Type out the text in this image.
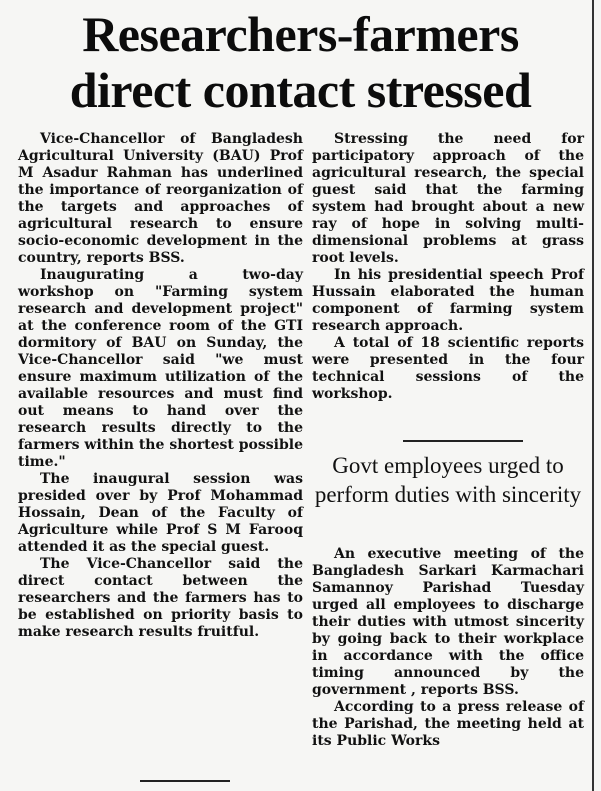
Researchers-farmers
direct contact stressed

Vice-Chancellor of Bangladesh Agricultural University (BAU) Prof M Asadur Rahman has underlined the importance of reorganization of the targets and approaches of agricultural research to ensure socio-economic development in the country, reports BSS.

Inaugurating a two-day workshop on "Farming system research and development project" at the conference room of the GTI dormitory of BAU on Sunday, the Vice-Chancellor said "we must ensure maximum utilization of the available resources and must find out means to hand over the research results directly to the farmers within the shortest possible time."

The inaugural session was presided over by Prof Mohammad Hossain, Dean of the Faculty of Agriculture while Prof S M Farooq attended it as the special guest.

The Vice-Chancellor said the direct contact between the researchers and the farmers has to be established on priority basis to make research results fruitful.

Stressing the need for participatory approach of the agricultural research, the special guest said that the farming system had brought about a new ray of hope in solving multi-dimensional problems at grass root levels.

In his presidential speech Prof Hussain elaborated the human component of farming system research approach.

A total of 18 scientific reports were presented in the four technical sessions of the workshop.

Govt employees urged to perform duties with sincerity

An executive meeting of the Bangladesh Sarkari Karmachari Samannoy Parishad Tuesday urged all employees to discharge their duties with utmost sincerity by going back to their workplace in accordance with the office timing announced by the government , reports BSS.

According to a press release of the Parishad, the meeting held at its Public Works
